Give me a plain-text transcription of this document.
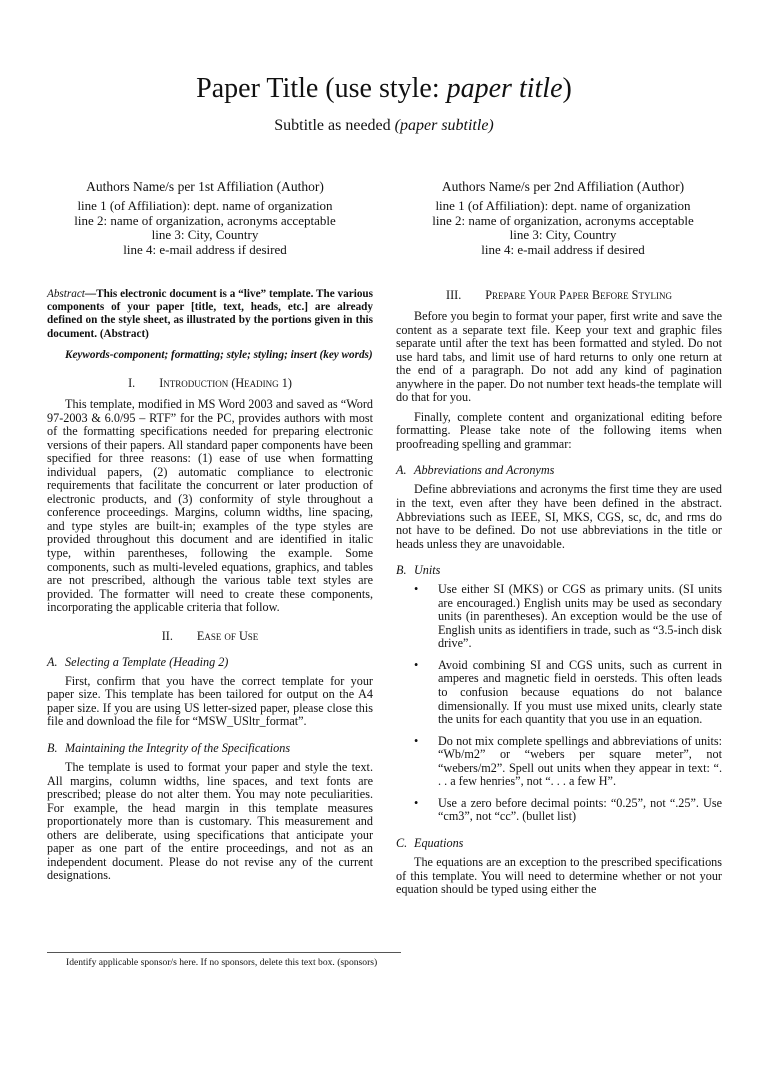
Paper Title (use style: paper title)
Subtitle as needed (paper subtitle)
Authors Name/s per 1st Affiliation (Author)
line 1 (of Affiliation): dept. name of organization
line 2: name of organization, acronyms acceptable
line 3: City, Country
line 4: e-mail address if desired
Authors Name/s per 2nd Affiliation (Author)
line 1 (of Affiliation): dept. name of organization
line 2: name of organization, acronyms acceptable
line 3: City, Country
line 4: e-mail address if desired

Abstract—This electronic document is a “live” template. The various components of your paper [title, text, heads, etc.] are already defined on the style sheet, as illustrated by the portions given in this document. (Abstract)

Keywords-component; formatting; style; styling; insert (key words)

I. Introduction (Heading 1)

This template, modified in MS Word 2003 and saved as “Word 97-2003 & 6.0/95 – RTF” for the PC, provides authors with most of the formatting specifications needed for preparing electronic versions of their papers. All standard paper components have been specified for three reasons: (1) ease of use when formatting individual papers, (2) automatic compliance to electronic requirements that facilitate the concurrent or later production of electronic products, and (3) conformity of style throughout a conference proceedings. Margins, column widths, line spacing, and type styles are built-in; examples of the type styles are provided throughout this document and are identified in italic type, within parentheses, following the example. Some components, such as multi-leveled equations, graphics, and tables are not prescribed, although the various table text styles are provided. The formatter will need to create these components, incorporating the applicable criteria that follow.

II. Ease of Use
A. Selecting a Template (Heading 2)

First, confirm that you have the correct template for your paper size. This template has been tailored for output on the A4 paper size. If you are using US letter-sized paper, please close this file and download the file for “MSW_USltr_format”.

B. Maintaining the Integrity of the Specifications

The template is used to format your paper and style the text. All margins, column widths, line spaces, and text fonts are prescribed; please do not alter them. You may note peculiarities. For example, the head margin in this template measures proportionately more than is customary. This measurement and others are deliberate, using specifications that anticipate your paper as one part of the entire proceedings, and not as an independent document. Please do not revise any of the current designations.

III. Prepare Your Paper Before Styling

Before you begin to format your paper, first write and save the content as a separate text file. Keep your text and graphic files separate until after the text has been formatted and styled. Do not use hard tabs, and limit use of hard returns to only one return at the end of a paragraph. Do not add any kind of pagination anywhere in the paper. Do not number text heads-the template will do that for you.

Finally, complete content and organizational editing before formatting. Please take note of the following items when proofreading spelling and grammar:

A. Abbreviations and Acronyms

Define abbreviations and acronyms the first time they are used in the text, even after they have been defined in the abstract. Abbreviations such as IEEE, SI, MKS, CGS, sc, dc, and rms do not have to be defined. Do not use abbreviations in the title or heads unless they are unavoidable.

B. Units
• Use either SI (MKS) or CGS as primary units. (SI units are encouraged.) English units may be used as secondary units (in parentheses). An exception would be the use of English units as identifiers in trade, such as “3.5-inch disk drive”.
• Avoid combining SI and CGS units, such as current in amperes and magnetic field in oersteds. This often leads to confusion because equations do not balance dimensionally. If you must use mixed units, clearly state the units for each quantity that you use in an equation.
• Do not mix complete spellings and abbreviations of units: “Wb/m2” or “webers per square meter”, not “webers/m2”. Spell out units when they appear in text: “. . . a few henries”, not “. . . a few H”.
• Use a zero before decimal points: “0.25”, not “.25”. Use “cm3”, not “cc”. (bullet list)
C. Equations

The equations are an exception to the prescribed specifications of this template. You will need to determine whether or not your equation should be typed using either the

Identify applicable sponsor/s here. If no sponsors, delete this text box. (sponsors)
